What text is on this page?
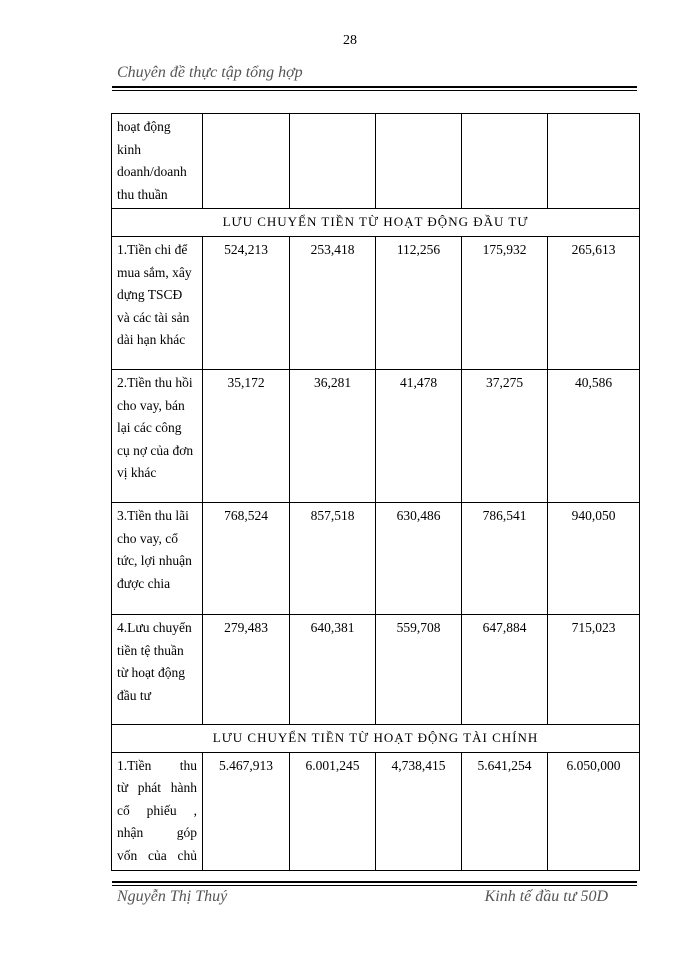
28
Chuyên đề thực tập tổng hợp
hoạt động kinh doanh/doanh thu thuần					
LƯU CHUYỂN TIỀN TỪ HOẠT ĐỘNG ĐẦU TƯ					
1.Tiền chi để mua sắm, xây dựng TSCĐ và các tài sản dài hạn khác	524,213	253,418	112,256	175,932	265,613
2.Tiền thu hồi cho vay, bán lại các công cụ nợ của đơn vị khác	35,172	36,281	41,478	37,275	40,586
3.Tiền thu lãi cho vay, cổ tức, lợi nhuận được chia	768,524	857,518	630,486	786,541	940,050
4.Lưu chuyển tiền tệ thuần từ hoạt động đầu tư	279,483	640,381	559,708	647,884	715,023
LƯU CHUYỂN TIỀN TỪ HOẠT ĐỘNG TÀI CHÍNH					

1.Tiền thu
từ phát hành
cổ phiếu ,
nhận góp
vốn của chủ	5.467,913	6.001,245	4,738,415	5.641,254	6.050,000
Nguyễn Thị Thuý	Kinh tế đầu tư 50D
